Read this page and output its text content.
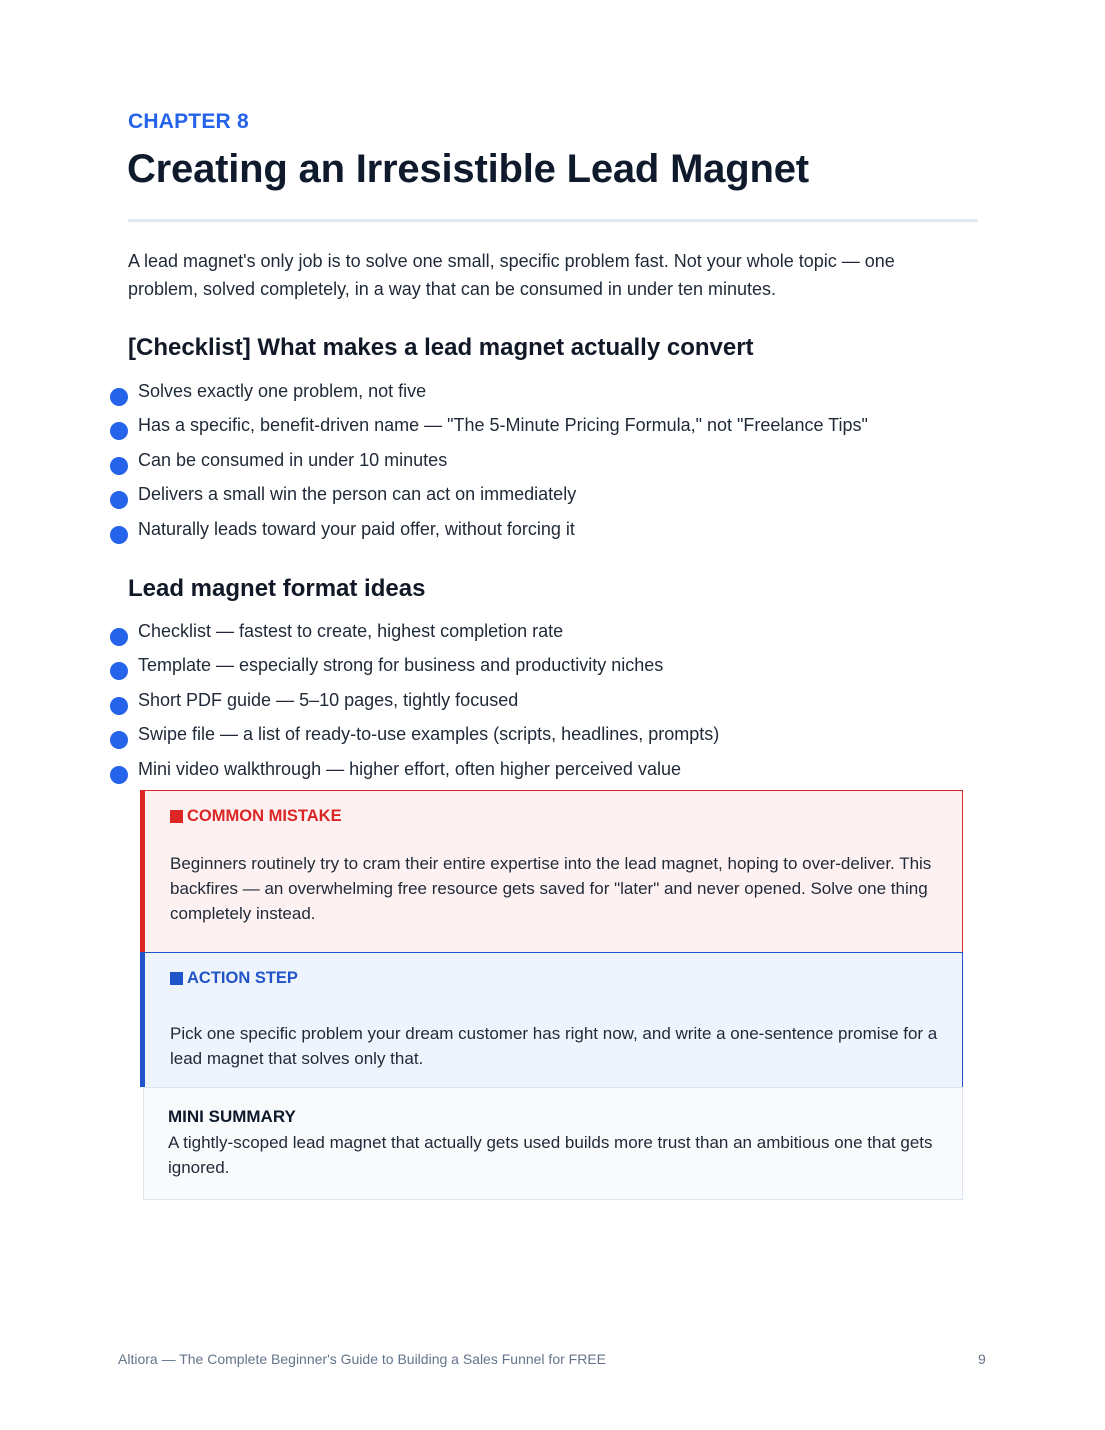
CHAPTER 8
Creating an Irresistible Lead Magnet

A lead magnet's only job is to solve one small, specific problem fast. Not your whole topic — one problem, solved completely, in a way that can be consumed in under ten minutes.

[Checklist] What makes a lead magnet actually convert
Solves exactly one problem, not five
Has a specific, benefit-driven name — "The 5-Minute Pricing Formula," not "Freelance Tips"
Can be consumed in under 10 minutes
Delivers a small win the person can act on immediately
Naturally leads toward your paid offer, without forcing it
Lead magnet format ideas
Checklist — fastest to create, highest completion rate
Template — especially strong for business and productivity niches
Short PDF guide — 5–10 pages, tightly focused
Swipe file — a list of ready-to-use examples (scripts, headlines, prompts)
Mini video walkthrough — higher effort, often higher perceived value
COMMON MISTAKE

Beginners routinely try to cram their entire expertise into the lead magnet, hoping to over-deliver. This backfires — an overwhelming free resource gets saved for "later" and never opened. Solve one thing completely instead.

ACTION STEP

Pick one specific problem your dream customer has right now, and write a one-sentence promise for a lead magnet that solves only that.

MINI SUMMARY

A tightly-scoped lead magnet that actually gets used builds more trust than an ambitious one that gets ignored.

Altiora — The Complete Beginner's Guide to Building a Sales Funnel for FREE	9
